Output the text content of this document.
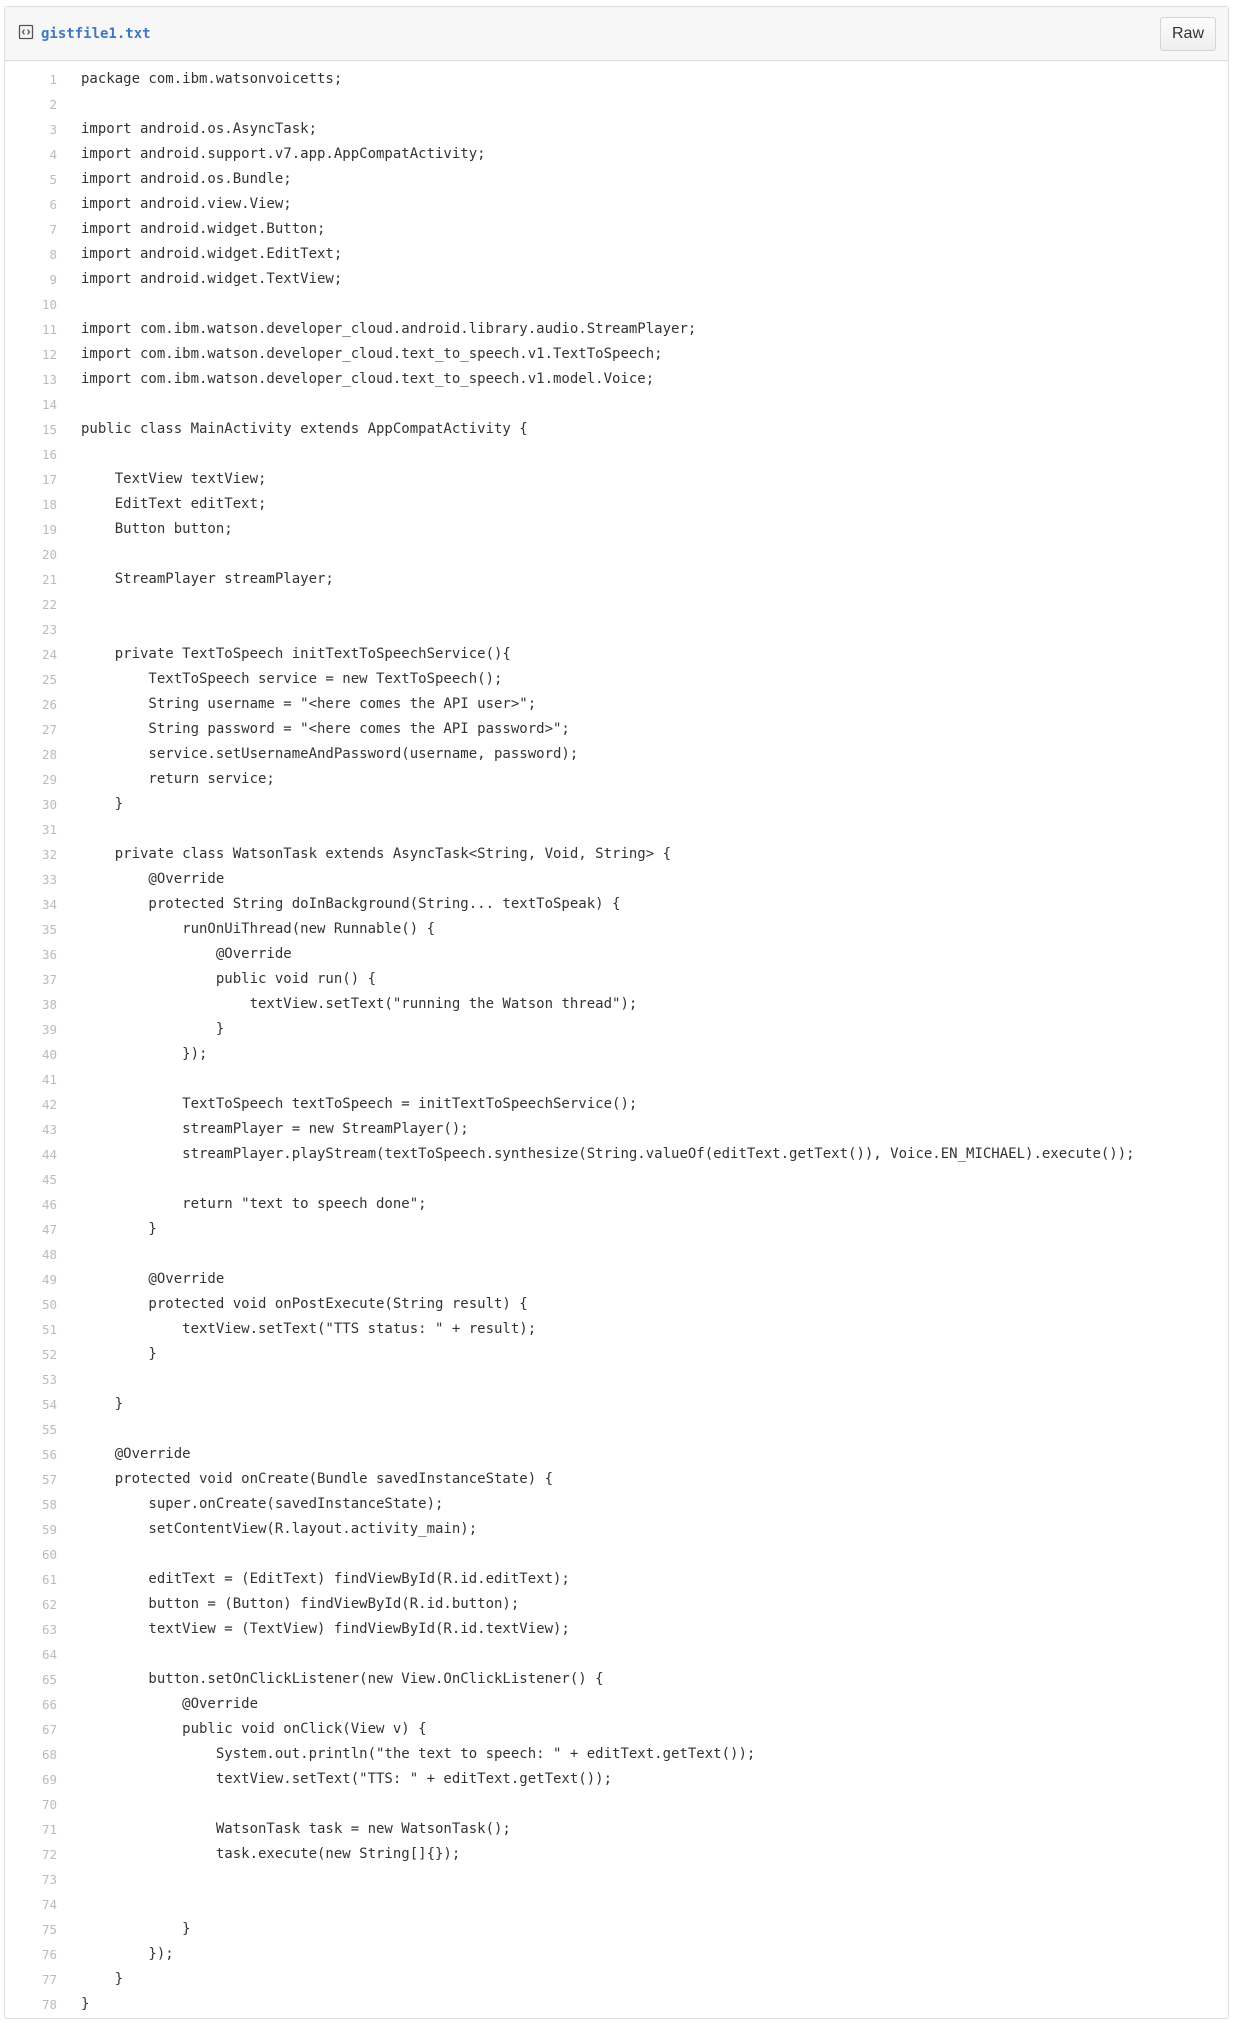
gistfile1.txt	Raw
1	package com.ibm.watsonvoicetts;
2
3	import android.os.AsyncTask;
4	import android.support.v7.app.AppCompatActivity;
5	import android.os.Bundle;
6	import android.view.View;
7	import android.widget.Button;
8	import android.widget.EditText;
9	import android.widget.TextView;
10
11	import com.ibm.watson.developer_cloud.android.library.audio.StreamPlayer;
12	import com.ibm.watson.developer_cloud.text_to_speech.v1.TextToSpeech;
13	import com.ibm.watson.developer_cloud.text_to_speech.v1.model.Voice;
14
15	public class MainActivity extends AppCompatActivity {
16
17	TextView textView;
18	EditText editText;
19	Button button;
20
21	StreamPlayer streamPlayer;
22
23
24	private TextToSpeech initTextToSpeechService(){
25	TextToSpeech service = new TextToSpeech();
26	String username = "<here comes the API user>";
27	String password = "<here comes the API password>";
28	service.setUsernameAndPassword(username, password);
29	return service;
30	}
31
32	private class WatsonTask extends AsyncTask<String, Void, String> {
33	@Override
34	protected String doInBackground(String... textToSpeak) {
35	runOnUiThread(new Runnable() {
36	@Override
37	public void run() {
38	textView.setText("running the Watson thread");
39	}
40	});
41
42	TextToSpeech textToSpeech = initTextToSpeechService();
43	streamPlayer = new StreamPlayer();
44	streamPlayer.playStream(textToSpeech.synthesize(String.valueOf(editText.getText()), Voice.EN_MICHAEL).execute());
45
46	return "text to speech done";
47	}
48
49	@Override
50	protected void onPostExecute(String result) {
51	textView.setText("TTS status: " + result);
52	}
53
54	}
55
56	@Override
57	protected void onCreate(Bundle savedInstanceState) {
58	super.onCreate(savedInstanceState);
59	setContentView(R.layout.activity_main);
60
61	editText = (EditText) findViewById(R.id.editText);
62	button = (Button) findViewById(R.id.button);
63	textView = (TextView) findViewById(R.id.textView);
64
65	button.setOnClickListener(new View.OnClickListener() {
66	@Override
67	public void onClick(View v) {
68	System.out.println("the text to speech: " + editText.getText());
69	textView.setText("TTS: " + editText.getText());
70
71	WatsonTask task = new WatsonTask();
72	task.execute(new String[]{});
73
74
75	}
76	});
77	}
78	}
